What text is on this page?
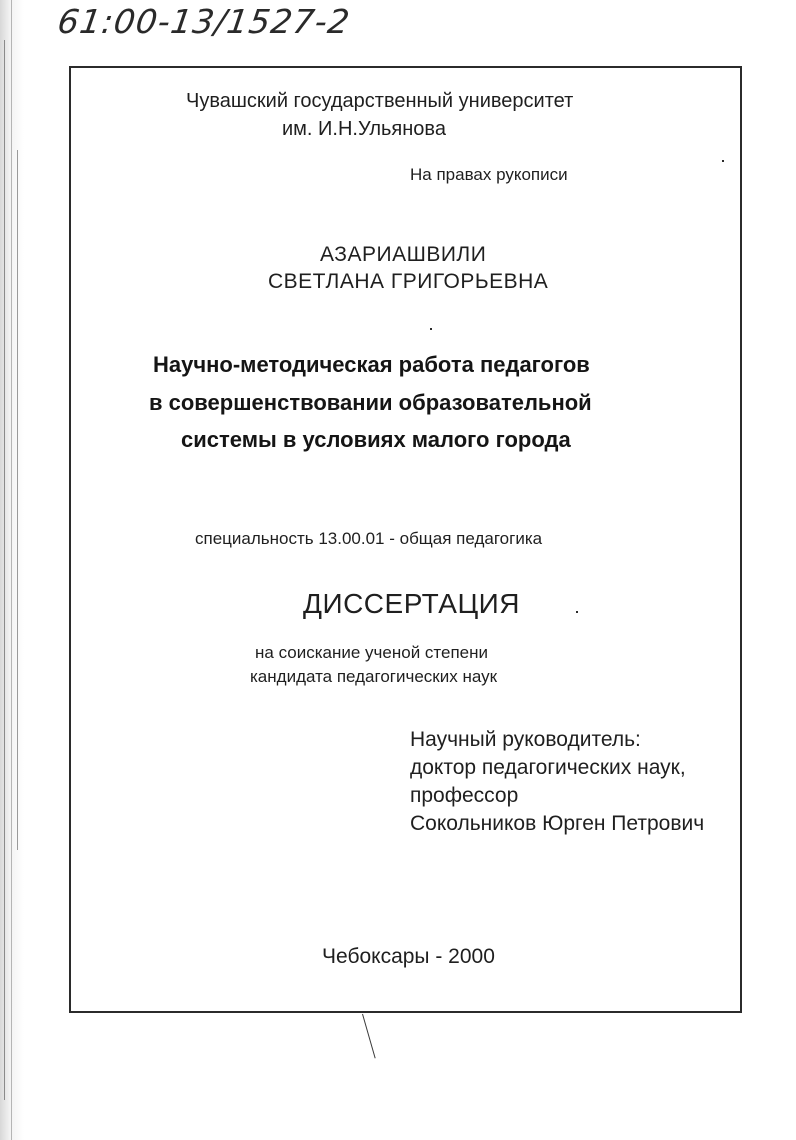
61:00-13/1527-2
Чувашский государственный университет
им. И.Н.Ульянова
На правах рукописи
АЗАРИАШВИЛИ
СВЕТЛАНА ГРИГОРЬЕВНА
Научно-методическая работа педагогов
в совершенствовании образовательной
системы в условиях малого города
специальность 13.00.01 - общая педагогика
ДИССЕРТАЦИЯ
на соискание ученой степени
кандидата педагогических наук
Научный руководитель:
доктор педагогических наук,
профессор
Сокольников Юрген Петрович
Чебоксары - 2000
